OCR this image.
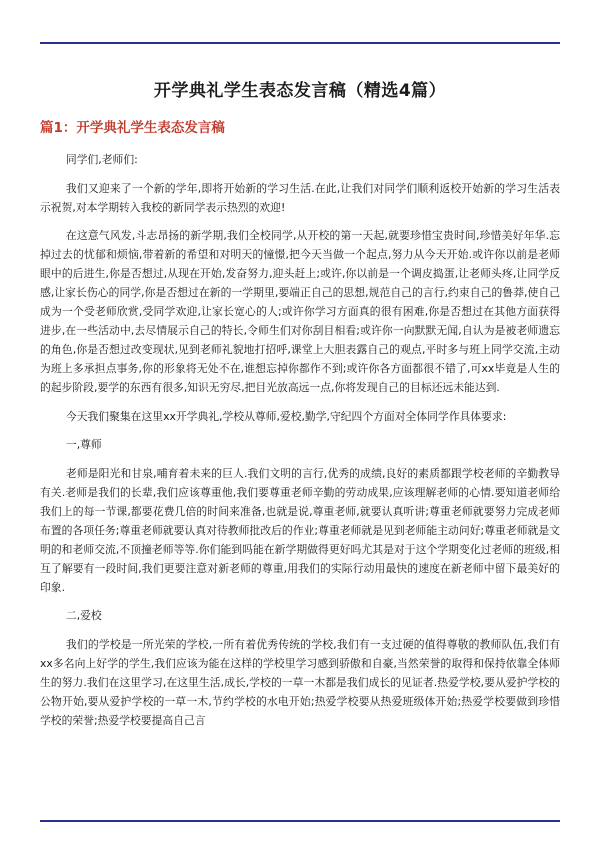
开学典礼学生表态发言稿（精选4篇）
篇1：开学典礼学生表态发言稿

同学们,老师们:

我们又迎来了一个新的学年,即将开始新的学习生活.在此,让我们对同学们顺利返校开始新的学习生活表示祝贺,对本学期转入我校的新同学表示热烈的欢迎!

在这意气风发,斗志昂扬的新学期,我们全校同学,从开校的第一天起,就要珍惜宝贵时间,珍惜美好年华.忘掉过去的忧郁和烦恼,带着新的希望和对明天的憧憬,把今天当做一个起点,努力从今天开始.或许你以前是老师眼中的后进生,你是否想过,从现在开始,发奋努力,迎头赶上;或许,你以前是一个调皮捣蛋,让老师头疼,让同学反感,让家长伤心的同学,你是否想过在新的一学期里,要端正自己的思想,规范自己的言行,约束自己的鲁莽,使自己成为一个受老师欣赏,受同学欢迎,让家长宽心的人;或许你学习方面真的很有困难,你是否想过在其他方面获得进步,在一些活动中,去尽情展示自己的特长,令师生们对你刮目相看;或许你一向默默无闻,自认为是被老师遗忘的角色,你是否想过改变现状,见到老师礼貌地打招呼,课堂上大胆表露自己的观点,平时多与班上同学交流,主动为班上多承担点事务,你的形象将无处不在,谁想忘掉你都作不到;或许你各方面都很不错了,可xx毕竟是人生的的起步阶段,要学的东西有很多,知识无穷尽,把目光放高远一点,你将发现自己的目标还远未能达到.

今天我们聚集在这里xx开学典礼,学校从尊师,爱校,勤学,守纪四个方面对全体同学作具体要求:

一,尊师

老师是阳光和甘泉,哺育着未来的巨人.我们文明的言行,优秀的成绩,良好的素质都跟学校老师的辛勤教导有关.老师是我们的长辈,我们应该尊重他,我们要尊重老师辛勤的劳动成果,应该理解老师的心情.要知道老师给我们上的每一节课,都要花费几倍的时间来准备,也就是说,尊重老师,就要认真听讲;尊重老师就要努力完成老师布置的各项任务;尊重老师就要认真对待教师批改后的作业;尊重老师就是见到老师能主动问好;尊重老师就是文明的和老师交流,不顶撞老师等等.你们能到吗能在新学期做得更好吗尤其是对于这个学期变化过老师的班级,相互了解要有一段时间,我们更要注意对新老师的尊重,用我们的实际行动用最快的速度在新老师中留下最美好的印象.

二,爱校

我们的学校是一所光荣的学校,一所有着优秀传统的学校,我们有一支过硬的值得尊敬的教师队伍,我们有xx多名向上好学的学生,我们应该为能在这样的学校里学习感到骄傲和自豪,当然荣誉的取得和保持依靠全体师生的努力.我们在这里学习,在这里生活,成长,学校的一草一木都是我们成长的见证者.热爱学校,要从爱护学校的公物开始,要从爱护学校的一草一木,节约学校的水电开始;热爱学校要从热爱班级体开始;热爱学校要做到珍惜学校的荣誉;热爱学校要提高自己言
